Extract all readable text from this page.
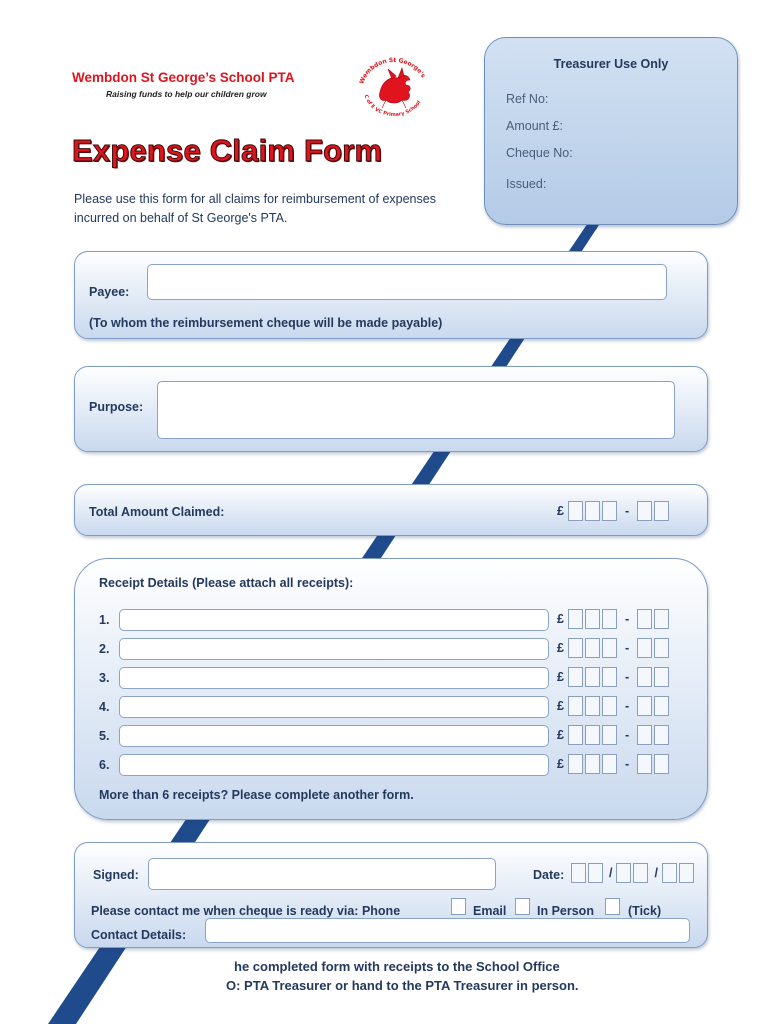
Wembdon St George’s School PTA
Raising funds to help our children grow
Wembdon St George's
C of E VC Primary School
Expense Claim Form
Please use this form for all claims for reimbursement of expenses incurred on behalf of St George's PTA.
Treasurer Use Only
Ref No:
Amount £:
Cheque No:
Issued:
Payee:
(To whom the reimbursement cheque will be made payable)
Purpose:
Total Amount Claimed:	£	-
Receipt Details (Please attach all receipts):
1.	£	-
2.	£	-
3.	£	-
4.	£	-
5.	£	-
6.	£	-
More than 6 receipts? Please complete another form.
Signed:	Date:	/	/
Please contact me when cheque is ready via: Phone	Email In Person	(Tick)
Contact Details:
he completed form with receipts to the School Office
O: PTA Treasurer or hand to the PTA Treasurer in person.
